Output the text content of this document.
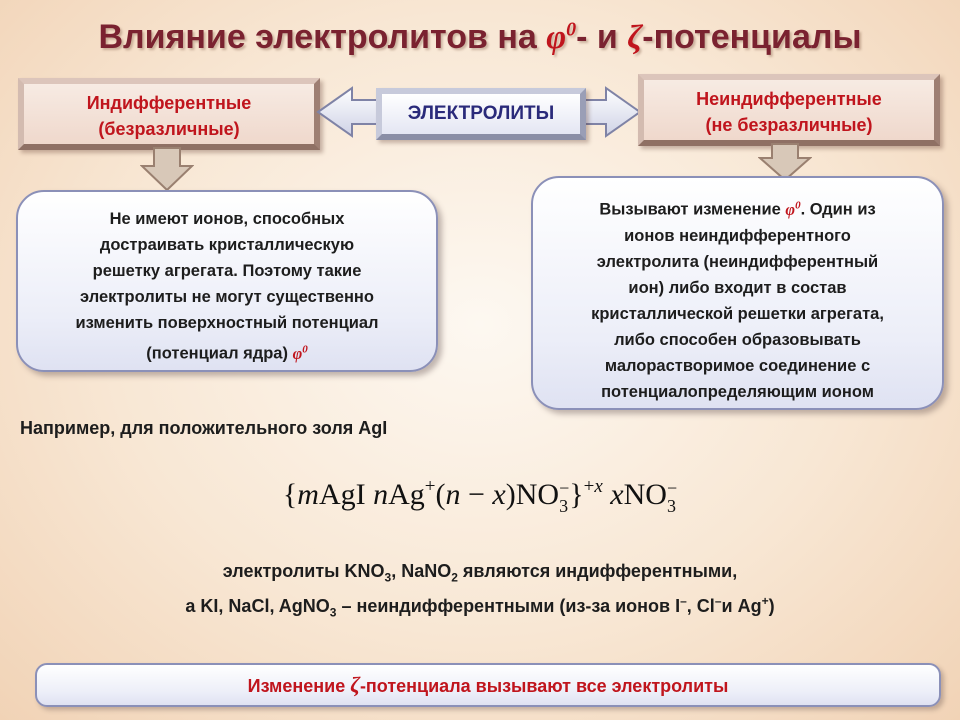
Влияние электролитов на $\varphi^0-$ и ζ-потенциалы
Индифферентные
(безразличные)
ЭЛЕКТРОЛИТЫ
Неиндифферентные
(не безразличные)
Не имеют ионов, способных
достраивать кристаллическую
решетку агрегата. Поэтому такие
электролиты не могут существенно
изменить поверхностный потенциал
(потенциал ядра) $\varphi^0$
Вызывают изменение $\varphi^0$. Один из
ионов неиндифферентного
электролита (неиндифферентный
ион) либо входит в состав
кристаллической решетки агрегата,
либо способен образовывать
малорастворимое соединение с
потенциалопределяющим ионом
Например, для положительного золя AgI
{mAgI nAg+(n − x)NO −
3 }$^{+x}$ xNO −
3
электролиты $KNO_3$, NaNO$_2$ являются индифферентными,
а KI, NaCl, AgNO$_3$ – неиндифферентными (из-за ионов I–, Cl–и Ag+)
Изменение ζ-потенциала вызывают все электролиты
